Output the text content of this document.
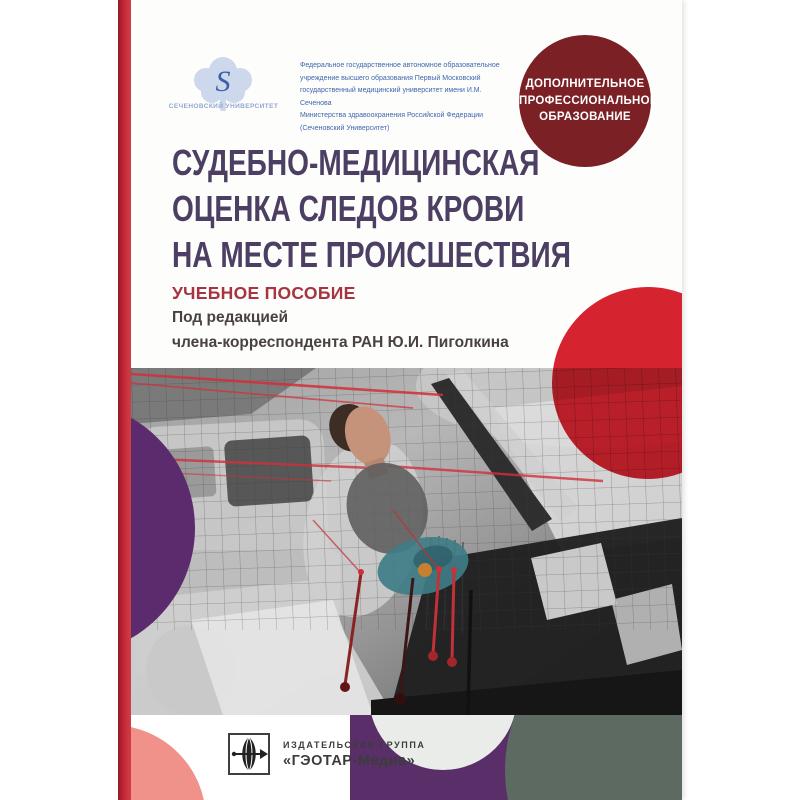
S
СЕЧЕНОВСКИЙ УНИВЕРСИТЕТ
Федеральное государственное автономное образовательное
учреждение высшего образования Первый Московский
государственный медицинский университет имени И.М. Сеченова
Министерства здравоохранения Российской Федерации
(Сеченовский Университет)
ДОПОЛНИТЕЛЬНОЕ
ПРОФЕССИОНАЛЬНОЕ
ОБРАЗОВАНИЕ
СУДЕБНО-МЕДИЦИНСКАЯ
ОЦЕНКА СЛЕДОВ КРОВИ
НА МЕСТЕ ПРОИСШЕСТВИЯ
УЧЕБНОЕ ПОСОБИЕ
Под редакцией
члена-корреспондента РАН Ю.И. Пиголкина
ИЗДАТЕЛЬСКАЯ ГРУППА
«ГЭОТАР-Медиа»
